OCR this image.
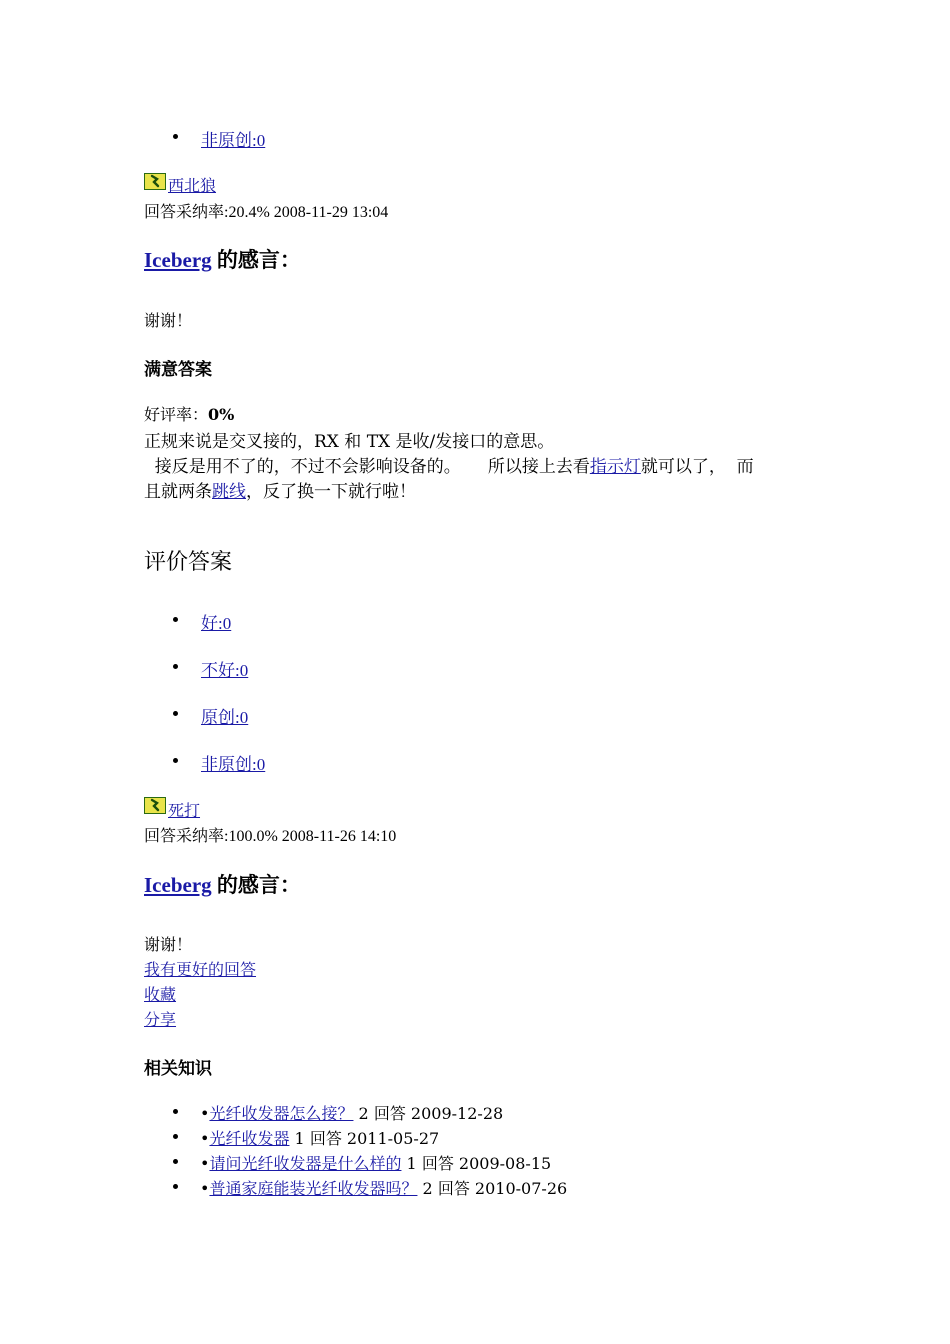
非原创:0
西北狼
回答采纳率:20.4% 2008-11-29 13:04
Iceberg 的感言：
谢谢！
满意答案
好评率：0%
正规来说是交叉接的，RX 和 TX 是收/发接口的意思。
接反是用不了的，不过不会影响设备的。     所以接上去看指示灯就可以了，  而
且就两条跳线，反了换一下就行啦！
评价答案
好:0
不好:0
原创:0
非原创:0
死打
回答采纳率:100.0% 2008-11-26 14:10
Iceberg 的感言：
谢谢！
我有更好的回答
收藏
分享
相关知识
•光纤收发器怎么接？ 2 回答 2009-12-28
•光纤收发器 1 回答 2011-05-27
•请问光纤收发器是什么样的 1 回答 2009-08-15
•普通家庭能装光纤收发器吗？ 2 回答 2010-07-26
